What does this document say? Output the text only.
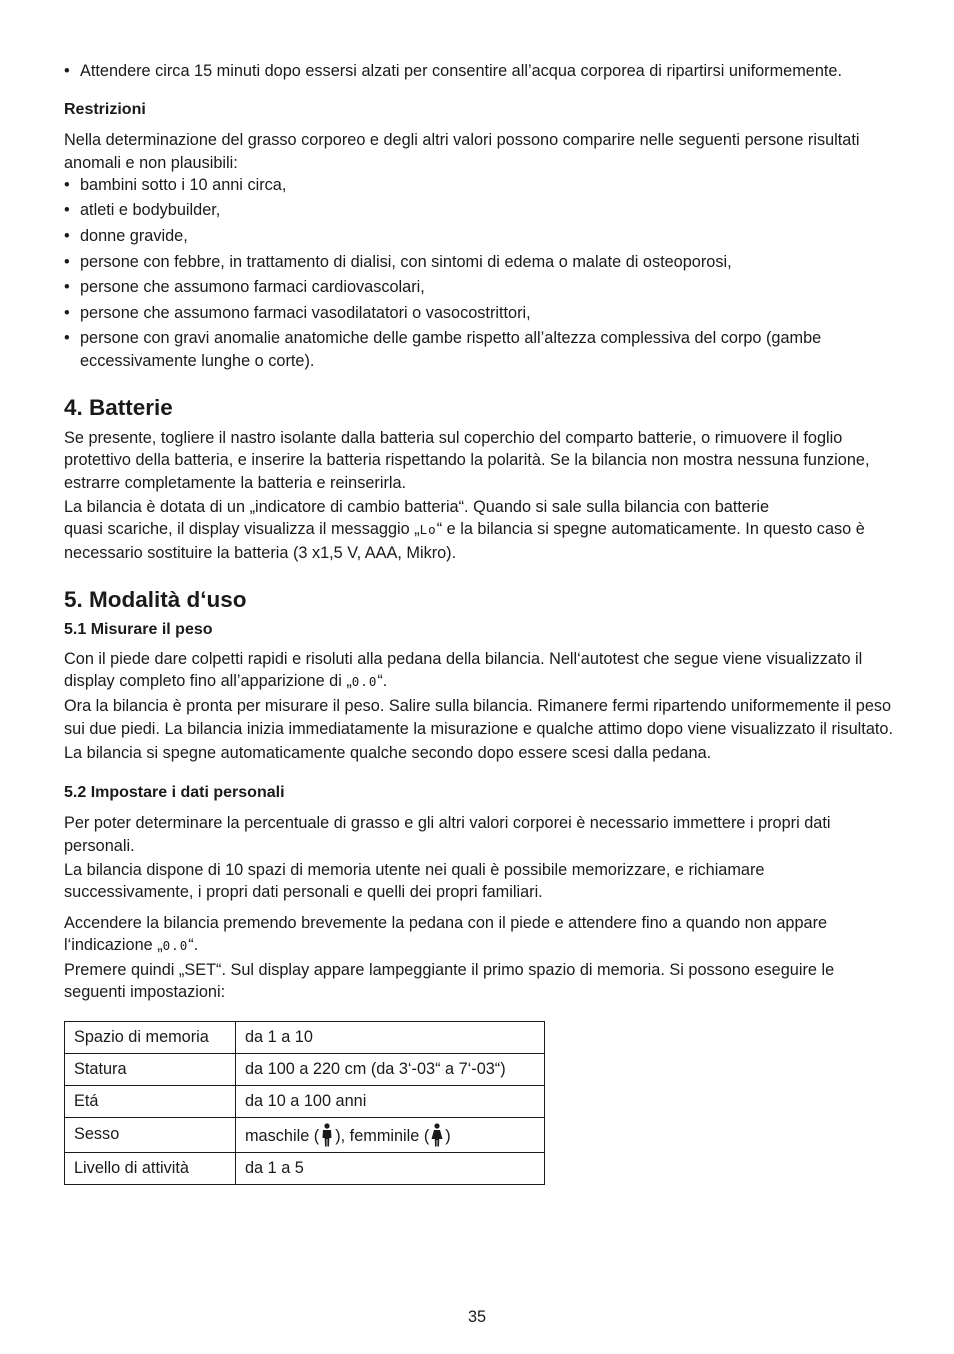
• Attendere circa 15 minuti dopo essersi alzati per consentire all’acqua corporea di ripartirsi uniformemente.
Restrizioni

Nella determinazione del grasso corporeo e degli altri valori possono comparire nelle seguenti persone risultati anomali e non plausibili:

• bambini sotto i 10 anni circa,
• atleti e bodybuilder,
• donne gravide,
• persone con febbre, in trattamento di dialisi, con sintomi di edema o malate di osteoporosi,
• persone che assumono farmaci cardiovascolari,
• persone che assumono farmaci vasodilatatori o vasocostrittori,
• persone con gravi anomalie anatomiche delle gambe rispetto all’altezza complessiva del corpo (gambe eccessivamente lunghe o corte).
4. Batterie

Se presente, togliere il nastro isolante dalla batteria sul coperchio del comparto batterie, o rimuovere il foglio protettivo della batteria, e inserire la batteria rispettando la polarità. Se la bilancia non mostra nessuna funzione, estrarre completamente la batteria e reinserirla.

La bilancia è dotata di un „indicatore di cambio batteria“. Quando si sale sulla bilancia con batterie
quasi scariche, il display visualizza il messaggio „Lo“ e la bilancia si spegne automaticamente. In questo caso è necessario sostituire la batteria (3 x1,5 V, AAA, Mikro).

5. Modalità d‘uso
5.1 Misurare il peso

Con il piede dare colpetti rapidi e risoluti alla pedana della bilancia. Nell‘autotest che segue viene visualizzato il display completo fino all’apparizione di „0.0“.

Ora la bilancia è pronta per misurare il peso. Salire sulla bilancia. Rimanere fermi ripartendo uniformemente il peso sui due piedi. La bilancia inizia immediatamente la misurazione e qualche attimo dopo viene visualizzato il risultato.

La bilancia si spegne automaticamente qualche secondo dopo essere scesi dalla pedana.

5.2 Impostare i dati personali

Per poter determinare la percentuale di grasso e gli altri valori corporei è necessario immettere i propri dati personali.

La bilancia dispone di 10 spazi di memoria utente nei quali è possibile memorizzare, e richiamare successivamente, i propri dati personali e quelli dei propri familiari.

Accendere la bilancia premendo brevemente la pedana con il piede e attendere fino a quando non appare l‘indicazione „0.0“.

Premere quindi „SET“. Sul display appare lampeggiante il primo spazio di memoria. Si possono eseguire le seguenti impostazioni:

Spazio di memoria	da 1 a 10
Statura	da 100 a 220 cm (da 3‘-03“ a 7‘-03“)
Etá	da 10 a 100 anni
Sesso	maschile ( ), femminile ( )
Livello di attività	da 1 a 5
35
